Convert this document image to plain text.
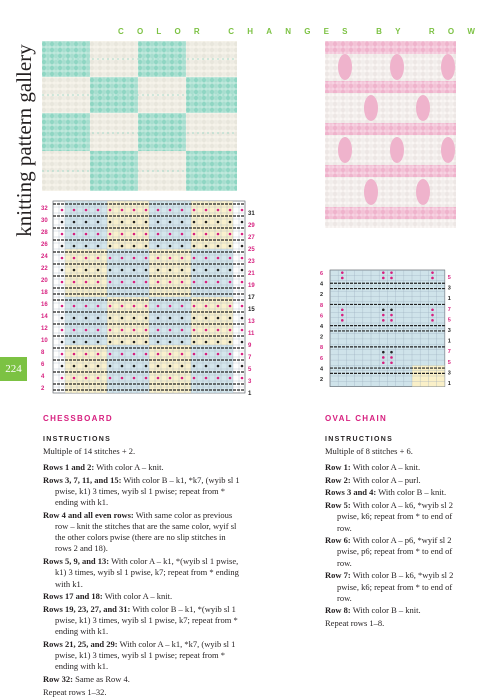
COLOR CHANGES BY ROW
knitting pattern gallery
224
32
30
28
26
24
22
20
18
16
14
12
10
8
6
4
2
31
29
27
25
23
21
19
17
15
13
11
9
7
5
3
1
6
4
2
8
6
4
2
8
6
4
2
5
3
1
7
5
3
1
7
5
3
1
CHESSBOARD
INSTRUCTIONS
Multiple of 14 stitches + 2.

Rows 1 and 2: With color A – knit.

Rows 3, 7, 11, and 15: With color B – k1, *k7, (wyib sl 1 pwise, k1) 3 times, wyib sl 1 pwise; repeat from * ending with k1.

Row 4 and all even rows: With same color as previous row – knit the stitches that are the same color, wyif sl the other colors pwise (there are no slip stitches in rows 2 and 18).

Rows 5, 9, and 13: With color A – k1, *(wyib sl 1 pwise, k1) 3 times, wyib sl 1 pwise, k7; repeat from * ending with k1.

Rows 17 and 18: With color A – knit.

Rows 19, 23, 27, and 31: With color B – k1, *(wyib sl 1 pwise, k1) 3 times, wyib sl 1 pwise, k7; repeat from * ending with k1.

Rows 21, 25, and 29: With color A – k1, *k7, (wyib sl 1 pwise, k1) 3 times, wyib sl 1 pwise; repeat from * ending with k1.

Row 32: Same as Row 4.

Repeat rows 1–32.

OVAL CHAIN
INSTRUCTIONS
Multiple of 8 stitches + 6.

Row 1: With color A – knit.

Row 2: With color A – purl.

Rows 3 and 4: With color B – knit.

Row 5: With color A – k6, *wyib sl 2 pwise, k6; repeat from * to end of row.

Row 6: With color A – p6, *wyif sl 2 pwise, p6; repeat from * to end of row.

Row 7: With color B – k6, *wyib sl 2 pwise, k6; repeat from * to end of row.

Row 8: With color B – knit.

Repeat rows 1–8.
